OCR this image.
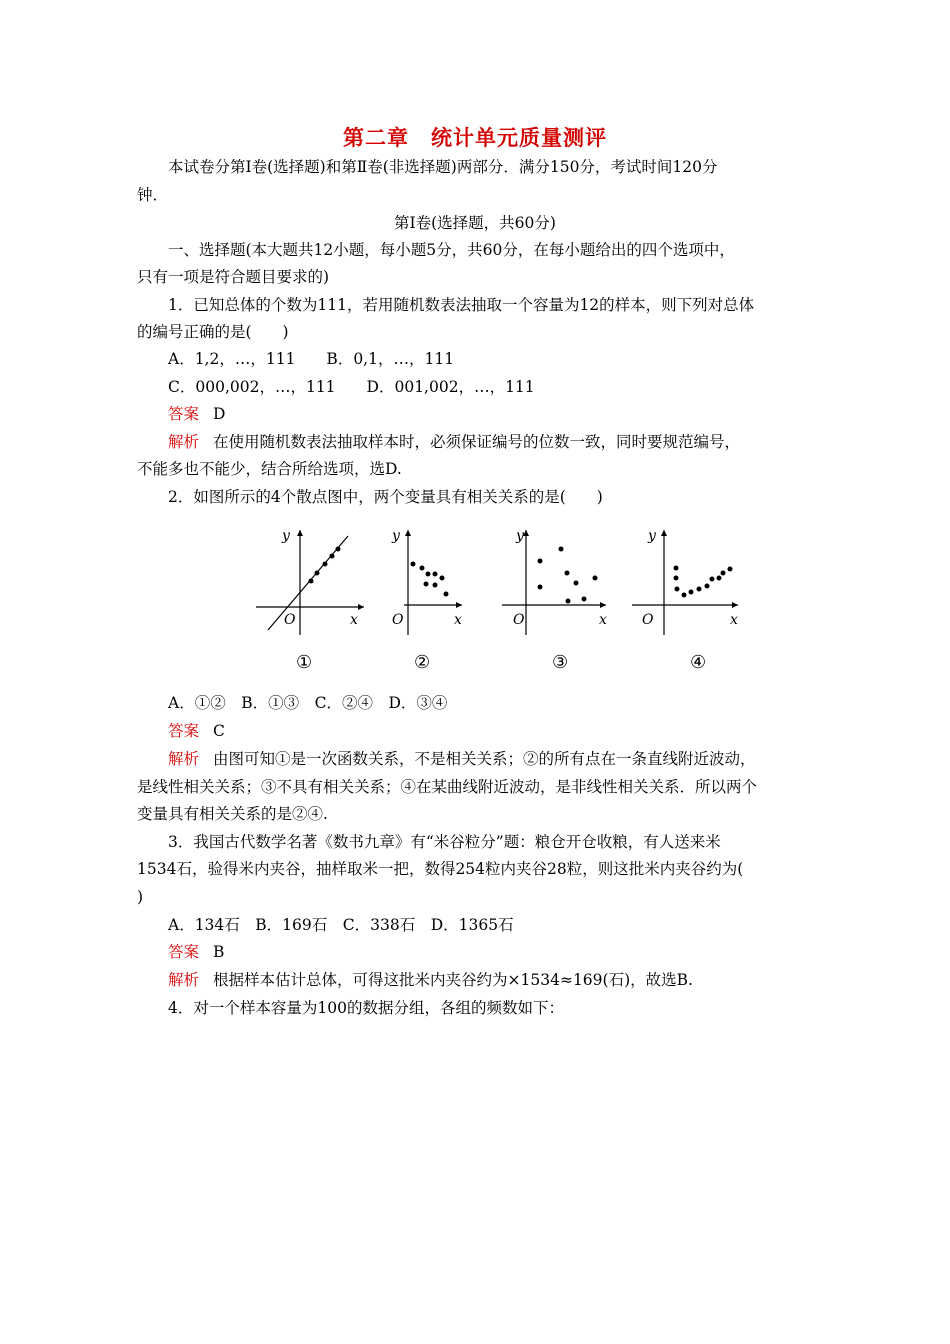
第二章　统计单元质量测评
本试卷分第Ⅰ卷(选择题)和第Ⅱ卷(非选择题)两部分．满分150分，考试时间120分
钟．
第Ⅰ卷(选择题，共60分)
一、选择题(本大题共12小题，每小题5分，共60分，在每小题给出的四个选项中，
只有一项是符合题目要求的)
1．已知总体的个数为111，若用随机数表法抽取一个容量为12的样本，则下列对总体
的编号正确的是(　　)
A．1,2，…，111　　B．0,1，…，111
C．000,002，…，111　　D．001,002，…，111
答案 D
解析 在使用随机数表法抽取样本时，必须保证编号的位数一致，同时要规范编号，
不能多也不能少，结合所给选项，选D.
2．如图所示的4个散点图中，两个变量具有相关关系的是(　　)
y
x
O
①
y
x
O
②
y
x
O
③
y
x
O
④
A．①②　B．①③　C．②④　D．③④
答案 C
解析 由图可知①是一次函数关系，不是相关关系；②的所有点在一条直线附近波动，
是线性相关关系；③不具有相关关系；④在某曲线附近波动，是非线性相关关系．所以两个
变量具有相关关系的是②④.
3．我国古代数学名著《数书九章》有“米谷粒分”题：粮仓开仓收粮，有人送来米
1534石，验得米内夹谷，抽样取米一把，数得254粒内夹谷28粒，则这批米内夹谷约为(
)
A．134石　B．169石　C．338石　D．1365石
答案 B
解析 根据样本估计总体，可得这批米内夹谷约为×1534≈169(石)，故选B.
4．对一个样本容量为100的数据分组，各组的频数如下：
